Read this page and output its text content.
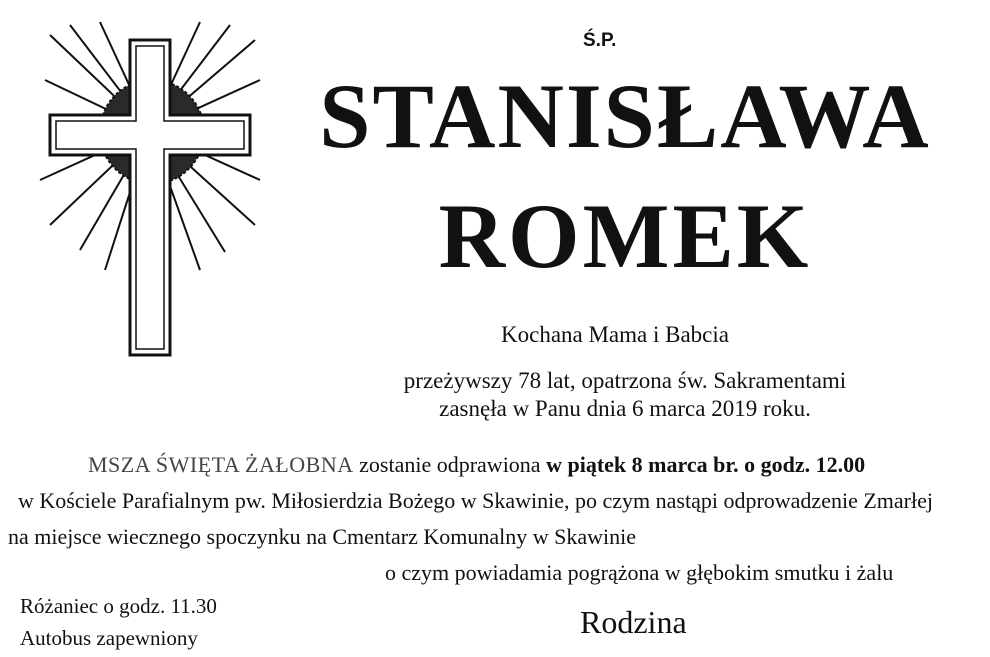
Ś.P.
STANISŁAWA
ROMEK
Kochana Mama i Babcia
przeżywszy 78 lat, opatrzona św. Sakramentami
zasnęła w Panu dnia 6 marca 2019 roku.
MSZA ŚWIĘTA ŻAŁOBNA zostanie odprawiona w piątek 8 marca br. o godz. 12.00
w Kościele Parafialnym pw. Miłosierdzia Bożego w Skawinie, po czym nastąpi odprowadzenie Zmarłej
na miejsce wiecznego spoczynku na Cmentarz Komunalny w Skawinie
o czym powiadamia pogrążona w głębokim smutku i żalu
Różaniec o godz. 11.30
Autobus zapewniony	Rodzina
